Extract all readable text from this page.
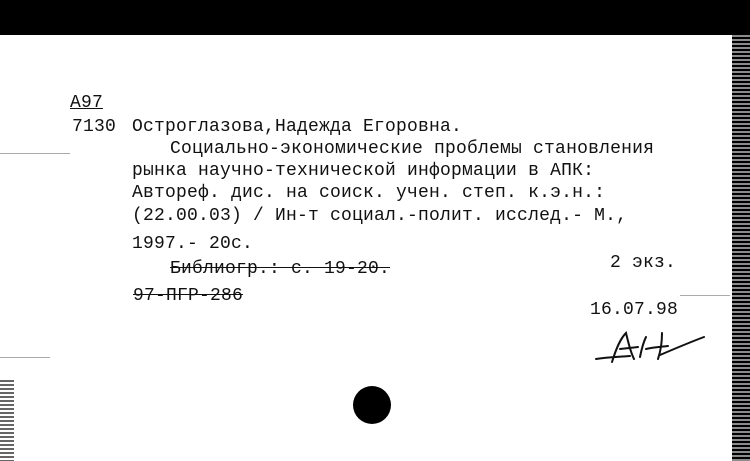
А97
7130 Остроглазова,Надежда Егоровна.
Социально-экономические проблемы становления
рынка научно-технической информации в АПК:
Автореф. дис. на соиск. учен. степ. к.э.н.:
(22.00.03) / Ин-т социал.-полит. исслед.- М.,
1997.- 20с.
Библиогр.: с. 19-20.	2 экз.
97-ПГР-286
16.07.98
